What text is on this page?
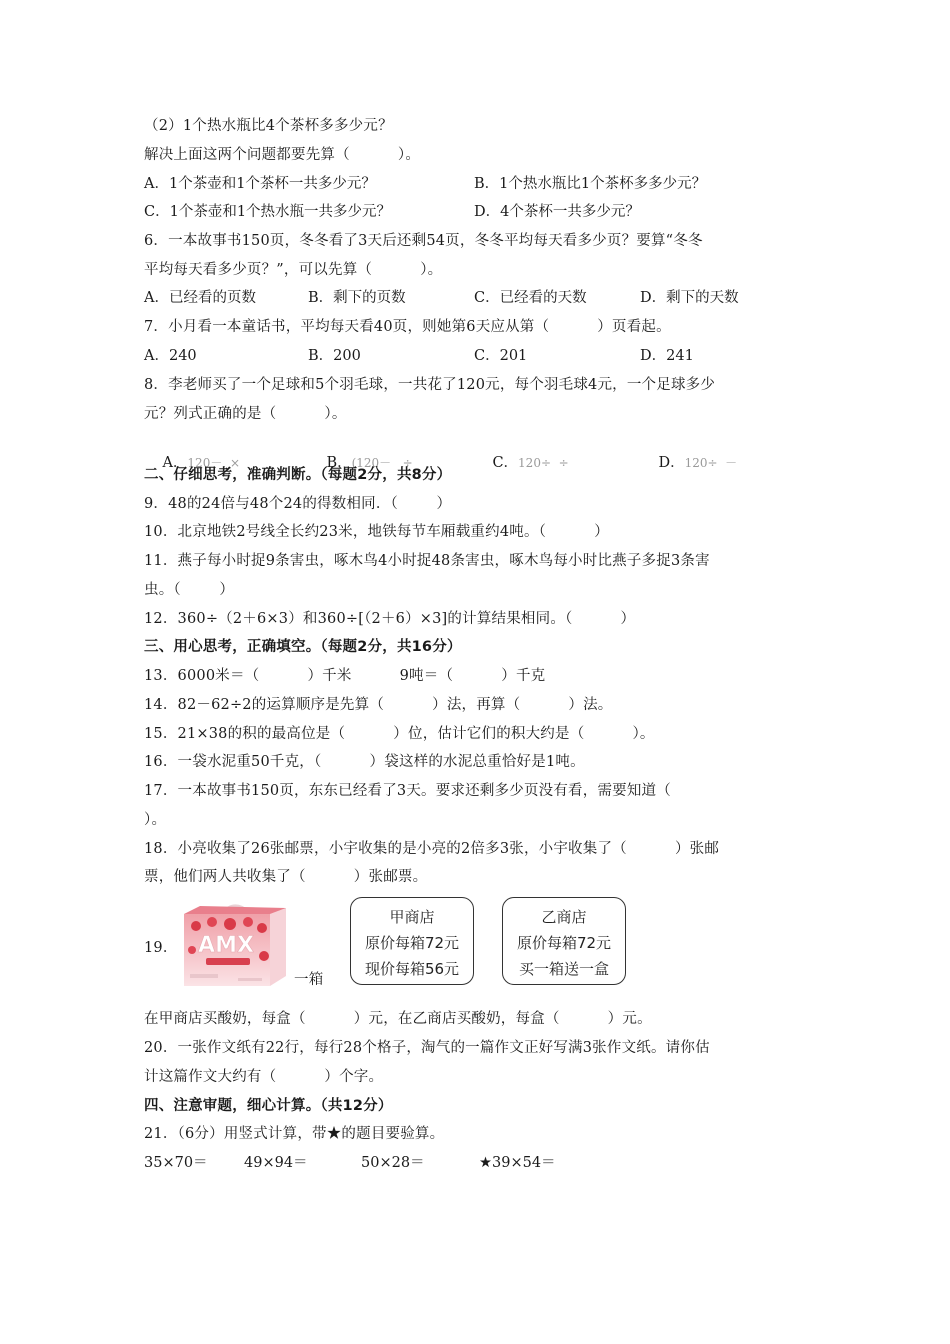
（2）1个热水瓶比4个茶杯多多少元？
解决上面这两个问题都要先算（          ）。
A．1个茶壶和1个茶杯一共多少元？	B．1个热水瓶比1个茶杯多多少元？
C．1个茶壶和1个热水瓶一共多少元？	D．4个茶杯一共多少元？
6．一本故事书150页，冬冬看了3天后还剩54页，冬冬平均每天看多少页？要算“冬冬
平均每天看多少页？”，可以先算（          ）。
A．已经看的页数	B．剩下的页数	C．已经看的天数	D．剩下的天数
7．小月看一本童话书，平均每天看40页，则她第6天应从第（          ）页看起。
A．240	B．200	C．201	D．241
8．李老师买了一个足球和5个羽毛球，一共花了120元，每个羽毛球4元，一个足球多少
元？列式正确的是（          ）。

A．120－  ×
	B．(120－   ÷
	C．120÷  ÷
	D．120÷  －

二、仔细思考，准确判断。（每题2分，共8分）
9．48的24倍与48个24的得数相同．（        ）
10．北京地铁2号线全长约23米，地铁每节车厢载重约4吨。（          ）
11．燕子每小时捉9条害虫，啄木鸟4小时捉48条害虫，啄木鸟每小时比燕子多捉3条害
虫。（        ）
12．360÷（2＋6×3）和360÷[（2＋6）×3]的计算结果相同。（          ）
三、用心思考，正确填空。（每题2分，共16分）
13．6000米＝（          ）千米          9吨＝（          ）千克
14．82－62÷2的运算顺序是先算（          ）法，再算（          ）法。
15．21×38的积的最高位是（          ）位，估计它们的积大约是（          ）。
16．一袋水泥重50千克，（          ）袋这样的水泥总重恰好是1吨。
17．一本故事书150页，东东已经看了3天。要求还剩多少页没有看，需要知道（
）。
18．小亮收集了26张邮票，小宇收集的是小亮的2倍多3张，小宇收集了（          ）张邮
票，他们两人共收集了（          ）张邮票。
19． AMX
一箱
甲商店
原价每箱72元
现价每箱56元
乙商店
原价每箱72元
买一箱送一盒
在甲商店买酸奶，每盒（          ）元，在乙商店买酸奶，每盒（          ）元。
20．一张作文纸有22行，每行28个格子，淘气的一篇作文正好写满3张作文纸。请你估
计这篇作文大约有（          ）个字。
四、注意审题，细心计算。（共12分）
21．（6分）用竖式计算，带★的题目要验算。
35×70＝	49×94＝	50×28＝	★39×54＝
